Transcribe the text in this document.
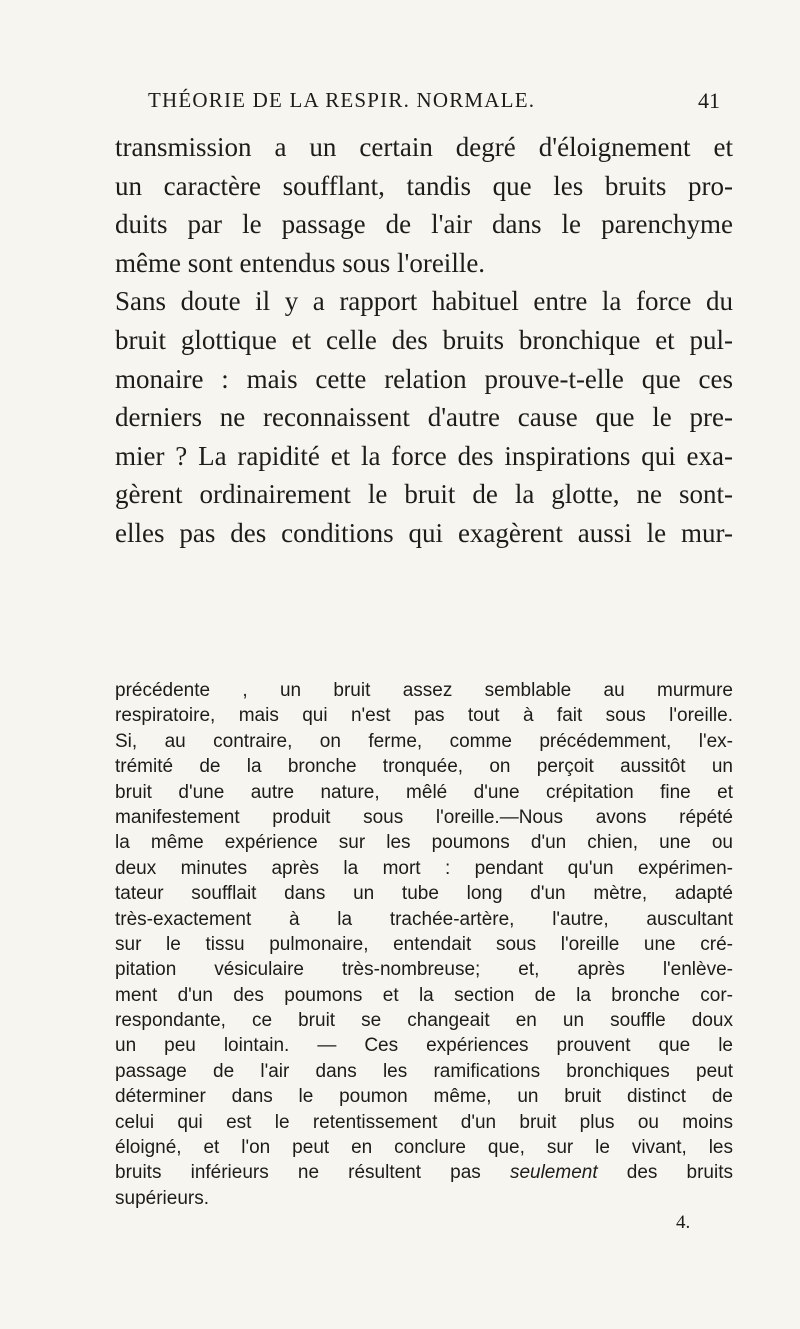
THÉORIE DE LA RESPIR. NORMALE.	41
transmission a un certain degré d'éloignement et
un caractère soufflant, tandis que les bruits pro-
duits par le passage de l'air dans le parenchyme
même sont entendus sous l'oreille.
Sans doute il y a rapport habituel entre la force du
bruit glottique et celle des bruits bronchique et pul-
monaire : mais cette relation prouve-t-elle que ces
derniers ne reconnaissent d'autre cause que le pre-
mier ? La rapidité et la force des inspirations qui exa-
gèrent ordinairement le bruit de la glotte, ne sont-
elles pas des conditions qui exagèrent aussi le mur-
précédente , un bruit assez semblable au murmure
respiratoire, mais qui n'est pas tout à fait sous l'oreille.
Si, au contraire, on ferme, comme précédemment, l'ex-
trémité de la bronche tronquée, on perçoit aussitôt un
bruit d'une autre nature, mêlé d'une crépitation fine et
manifestement produit sous l'oreille.—Nous avons répété
la même expérience sur les poumons d'un chien, une ou
deux minutes après la mort : pendant qu'un expérimen-
tateur soufflait dans un tube long d'un mètre, adapté
très-exactement à la trachée-artère, l'autre, auscultant
sur le tissu pulmonaire, entendait sous l'oreille une cré-
pitation vésiculaire très-nombreuse; et, après l'enlève-
ment d'un des poumons et la section de la bronche cor-
respondante, ce bruit se changeait en un souffle doux
un peu lointain. — Ces expériences prouvent que le
passage de l'air dans les ramifications bronchiques peut
déterminer dans le poumon même, un bruit distinct de
celui qui est le retentissement d'un bruit plus ou moins
éloigné, et l'on peut en conclure que, sur le vivant, les
bruits inférieurs ne résultent pas seulement des bruits
supérieurs.
4.
